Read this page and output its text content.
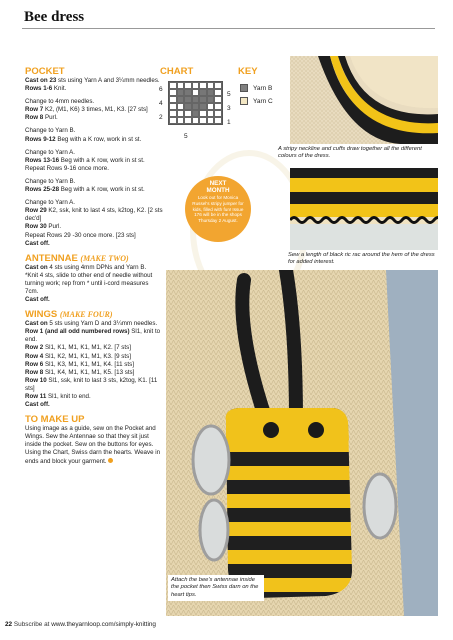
Bee dress
POCKET

Cast on 23 sts using Yarn A and 3¼mm needles.
Rows 1-6 Knit.

Change to 4mm needles.
Row 7 K2, (M1, K6) 3 times, M1, K3. [27 sts]
Row 8 Purl.

Change to Yarn B.
Rows 9-12 Beg with a K row, work in st st.

Change to Yarn A.
Rows 13-16 Beg with a K row, work in st st.
Repeat Rows 9-16 once more.

Change to Yarn B.
Rows 25-28 Beg with a K row, work in st st.

Change to Yarn A.
Row 29 K2, ssk, knit to last 4 sts, k2tog, K2. [2 sts dec'd]
Row 30 Purl.
Repeat Rows 29 -30 once more. [23 sts]
Cast off.

ANTENNAE (MAKE TWO)

Cast on 4 sts using 4mm DPNs and Yarn B.
*Knit 4 sts, slide to other end of needle without turning work; rep from * until i-cord measures 7cm.
Cast off.

WINGS (MAKE FOUR)

Cast on 5 sts using Yarn D and 3¼mm needles.
Row 1 (and all odd numbered rows) Sl1, knit to end.
Row 2 Sl1, K1, M1, K1, M1, K2. [7 sts]
Row 4 Sl1, K2, M1, K1, M1, K3. [9 sts]
Row 6 Sl1, K3, M1, K1, M1, K4. [11 sts]
Row 8 Sl1, K4, M1, K1, M1, K5. [13 sts]
Row 10 Sl1, ssk, knit to last 3 sts, k2tog, K1. [11 sts]
Row 11 Sl1, knit to end.
Cast off.

TO MAKE UP

Using image as a guide, sew on the Pocket and Wings. Sew the Antennae so that they sit just inside the pocket. Sew on the buttons for eyes. Using the Chart, Swiss darn the hearts. Weave in ends and block your garment.

CHART
6
4
2
5
3
1
5
KEY
Yarn B
Yarn C
NEXT
MONTH
Look out for Monica Russel's stripy jumper for kids, filled with fun! Issue 176 will be in the shops Thursday 2 August.
A stripy neckline and cuffs draw together all the different colours of the dress.
Sew a length of black ric rac around the hem of the dress for added interest.
Attach the bee's antennae inside the pocket then Swiss darn on the heart tips.
22 Subscribe at www.theyarnloop.com/simply-knitting
